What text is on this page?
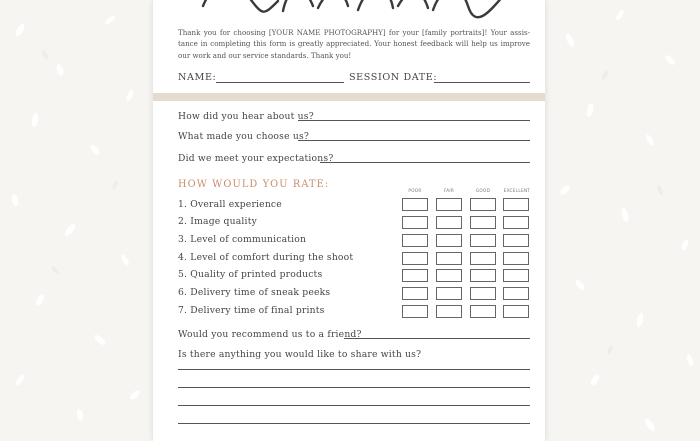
Thank you for choosing [YOUR NAME PHOTOGRAPHY] for your [family portraits]! Your assis- tance in completing this form is greatly appreciated. Your honest feedback will help us improve our work and our service standards. Thank you!
NAME:	SESSION DATE:
How did you hear about us?
What made you choose us?
Did we meet your expectations?
HOW WOULD YOU RATE:
POOR	FAIR	GOOD	EXCELLENT
1. Overall experience
2. Image quality
3. Level of communication
4. Level of comfort during the shoot
5. Quality of printed products
6. Delivery time of sneak peeks
7. Delivery time of final prints
Would you recommend us to a friend?
Is there anything you would like to share with us?
